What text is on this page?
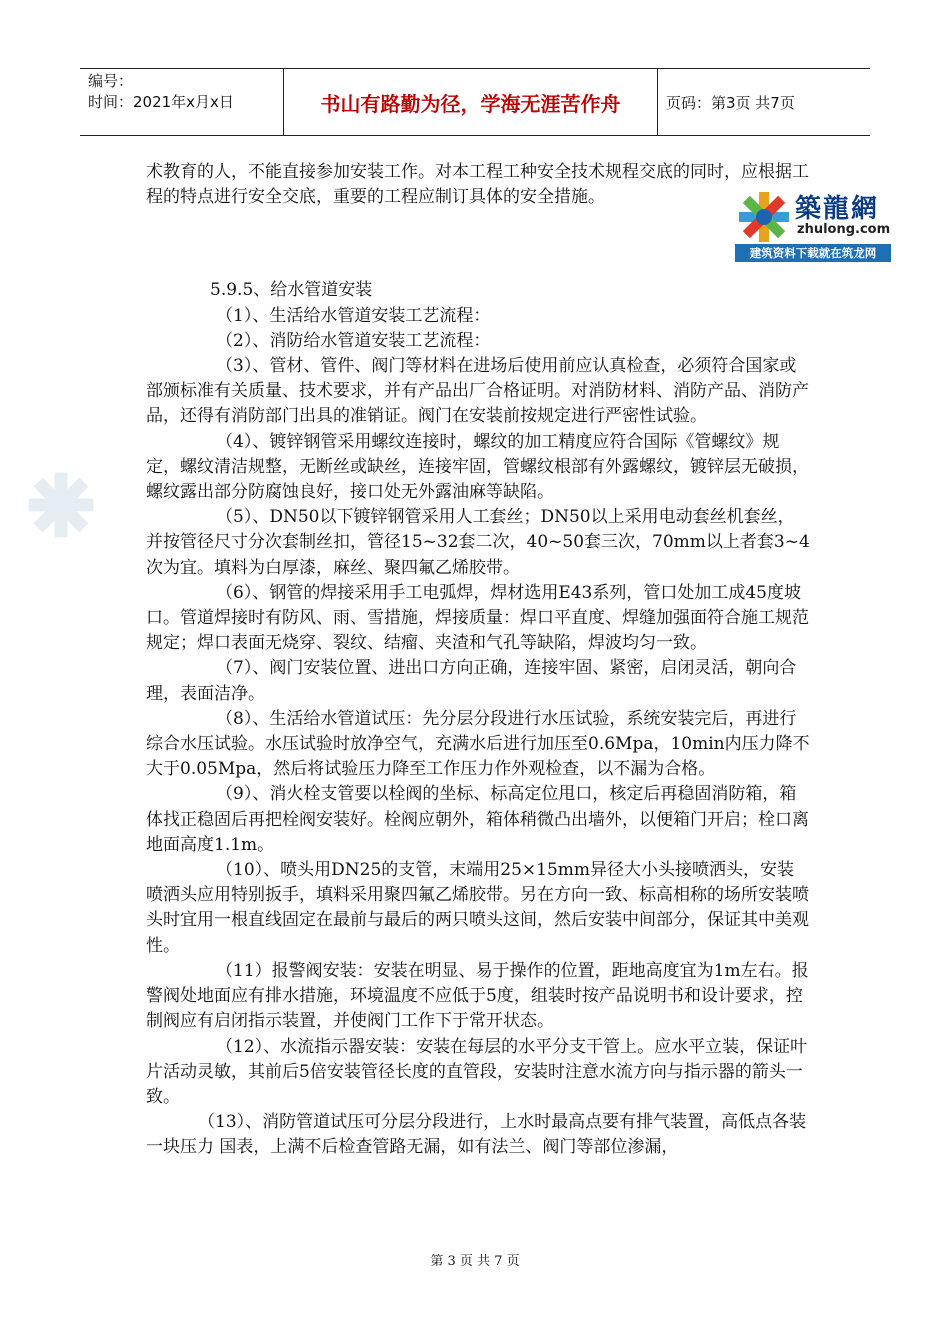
编号：
时间：2021年x月x日	书山有路勤为径，学海无涯苦作舟	页码：第3页 共7页
築龍網
zhulong.com
建筑资料下载就在筑龙网

术教育的人，不能直接参加安装工作。对本工程工种安全技术规程交底的同时，应根据工程的特点进行安全交底，重要的工程应制订具体的安全措施。

5.9.5、给水管道安装

（1）、生活给水管道安装工艺流程：

（2）、消防给水管道安装工艺流程：

（3）、管材、管件、阀门等材料在进场后使用前应认真检查，必须符合国家或部颁标准有关质量、技术要求，并有产品出厂合格证明。对消防材料、消防产品、消防产品，还得有消防部门出具的准销证。阀门在安装前按规定进行严密性试验。

（4）、镀锌钢管采用螺纹连接时，螺纹的加工精度应符合国际《管螺纹》规定，螺纹清洁规整，无断丝或缺丝，连接牢固，管螺纹根部有外露螺纹，镀锌层无破损，螺纹露出部分防腐蚀良好，接口处无外露油麻等缺陷。

（5）、DN50以下镀锌钢管采用人工套丝；DN50以上采用电动套丝机套丝，并按管径尺寸分次套制丝扣，管径15~32套二次，40~50套三次，70mm以上者套3~4次为宜。填料为白厚漆，麻丝、聚四氟乙烯胶带。

（6）、钢管的焊接采用手工电弧焊，焊材选用E43系列，管口处加工成45度坡口。管道焊接时有防风、雨、雪措施，焊接质量：焊口平直度、焊缝加强面符合施工规范规定；焊口表面无烧穿、裂纹、结瘤、夹渣和气孔等缺陷，焊波均匀一致。

（7）、阀门安装位置、进出口方向正确，连接牢固、紧密，启闭灵活，朝向合理，表面洁净。

（8）、生活给水管道试压：先分层分段进行水压试验，系统安装完后，再进行综合水压试验。水压试验时放净空气，充满水后进行加压至0.6Mpa，10min内压力降不大于0.05Mpa，然后将试验压力降至工作压力作外观检查，以不漏为合格。

（9）、消火栓支管要以栓阀的坐标、标高定位甩口，核定后再稳固消防箱，箱体找正稳固后再把栓阀安装好。栓阀应朝外，箱体稍微凸出墙外，以便箱门开启；栓口离地面高度1.1m。

（10）、喷头用DN25的支管，末端用25×15mm异径大小头接喷洒头，安装喷洒头应用特别扳手，填料采用聚四氟乙烯胶带。另在方向一致、标高相称的场所安装喷头时宜用一根直线固定在最前与最后的两只喷头这间，然后安装中间部分，保证其中美观性。

（11）报警阀安装：安装在明显、易于操作的位置，距地高度宜为1m左右。报警阀处地面应有排水措施，环境温度不应低于5度，组装时按产品说明书和设计要求，控制阀应有启闭指示装置，并使阀门工作下于常开状态。

（12）、水流指示器安装：安装在每层的水平分支干管上。应水平立装，保证叶片活动灵敏，其前后5倍安装管径长度的直管段，安装时注意水流方向与指示器的箭头一致。

（13）、消防管道试压可分层分段进行，上水时最高点要有排气装置，高低点各装一块压力 国表，上满不后检查管路无漏，如有法兰、阀门等部位渗漏，

第 3 页 共 7 页
